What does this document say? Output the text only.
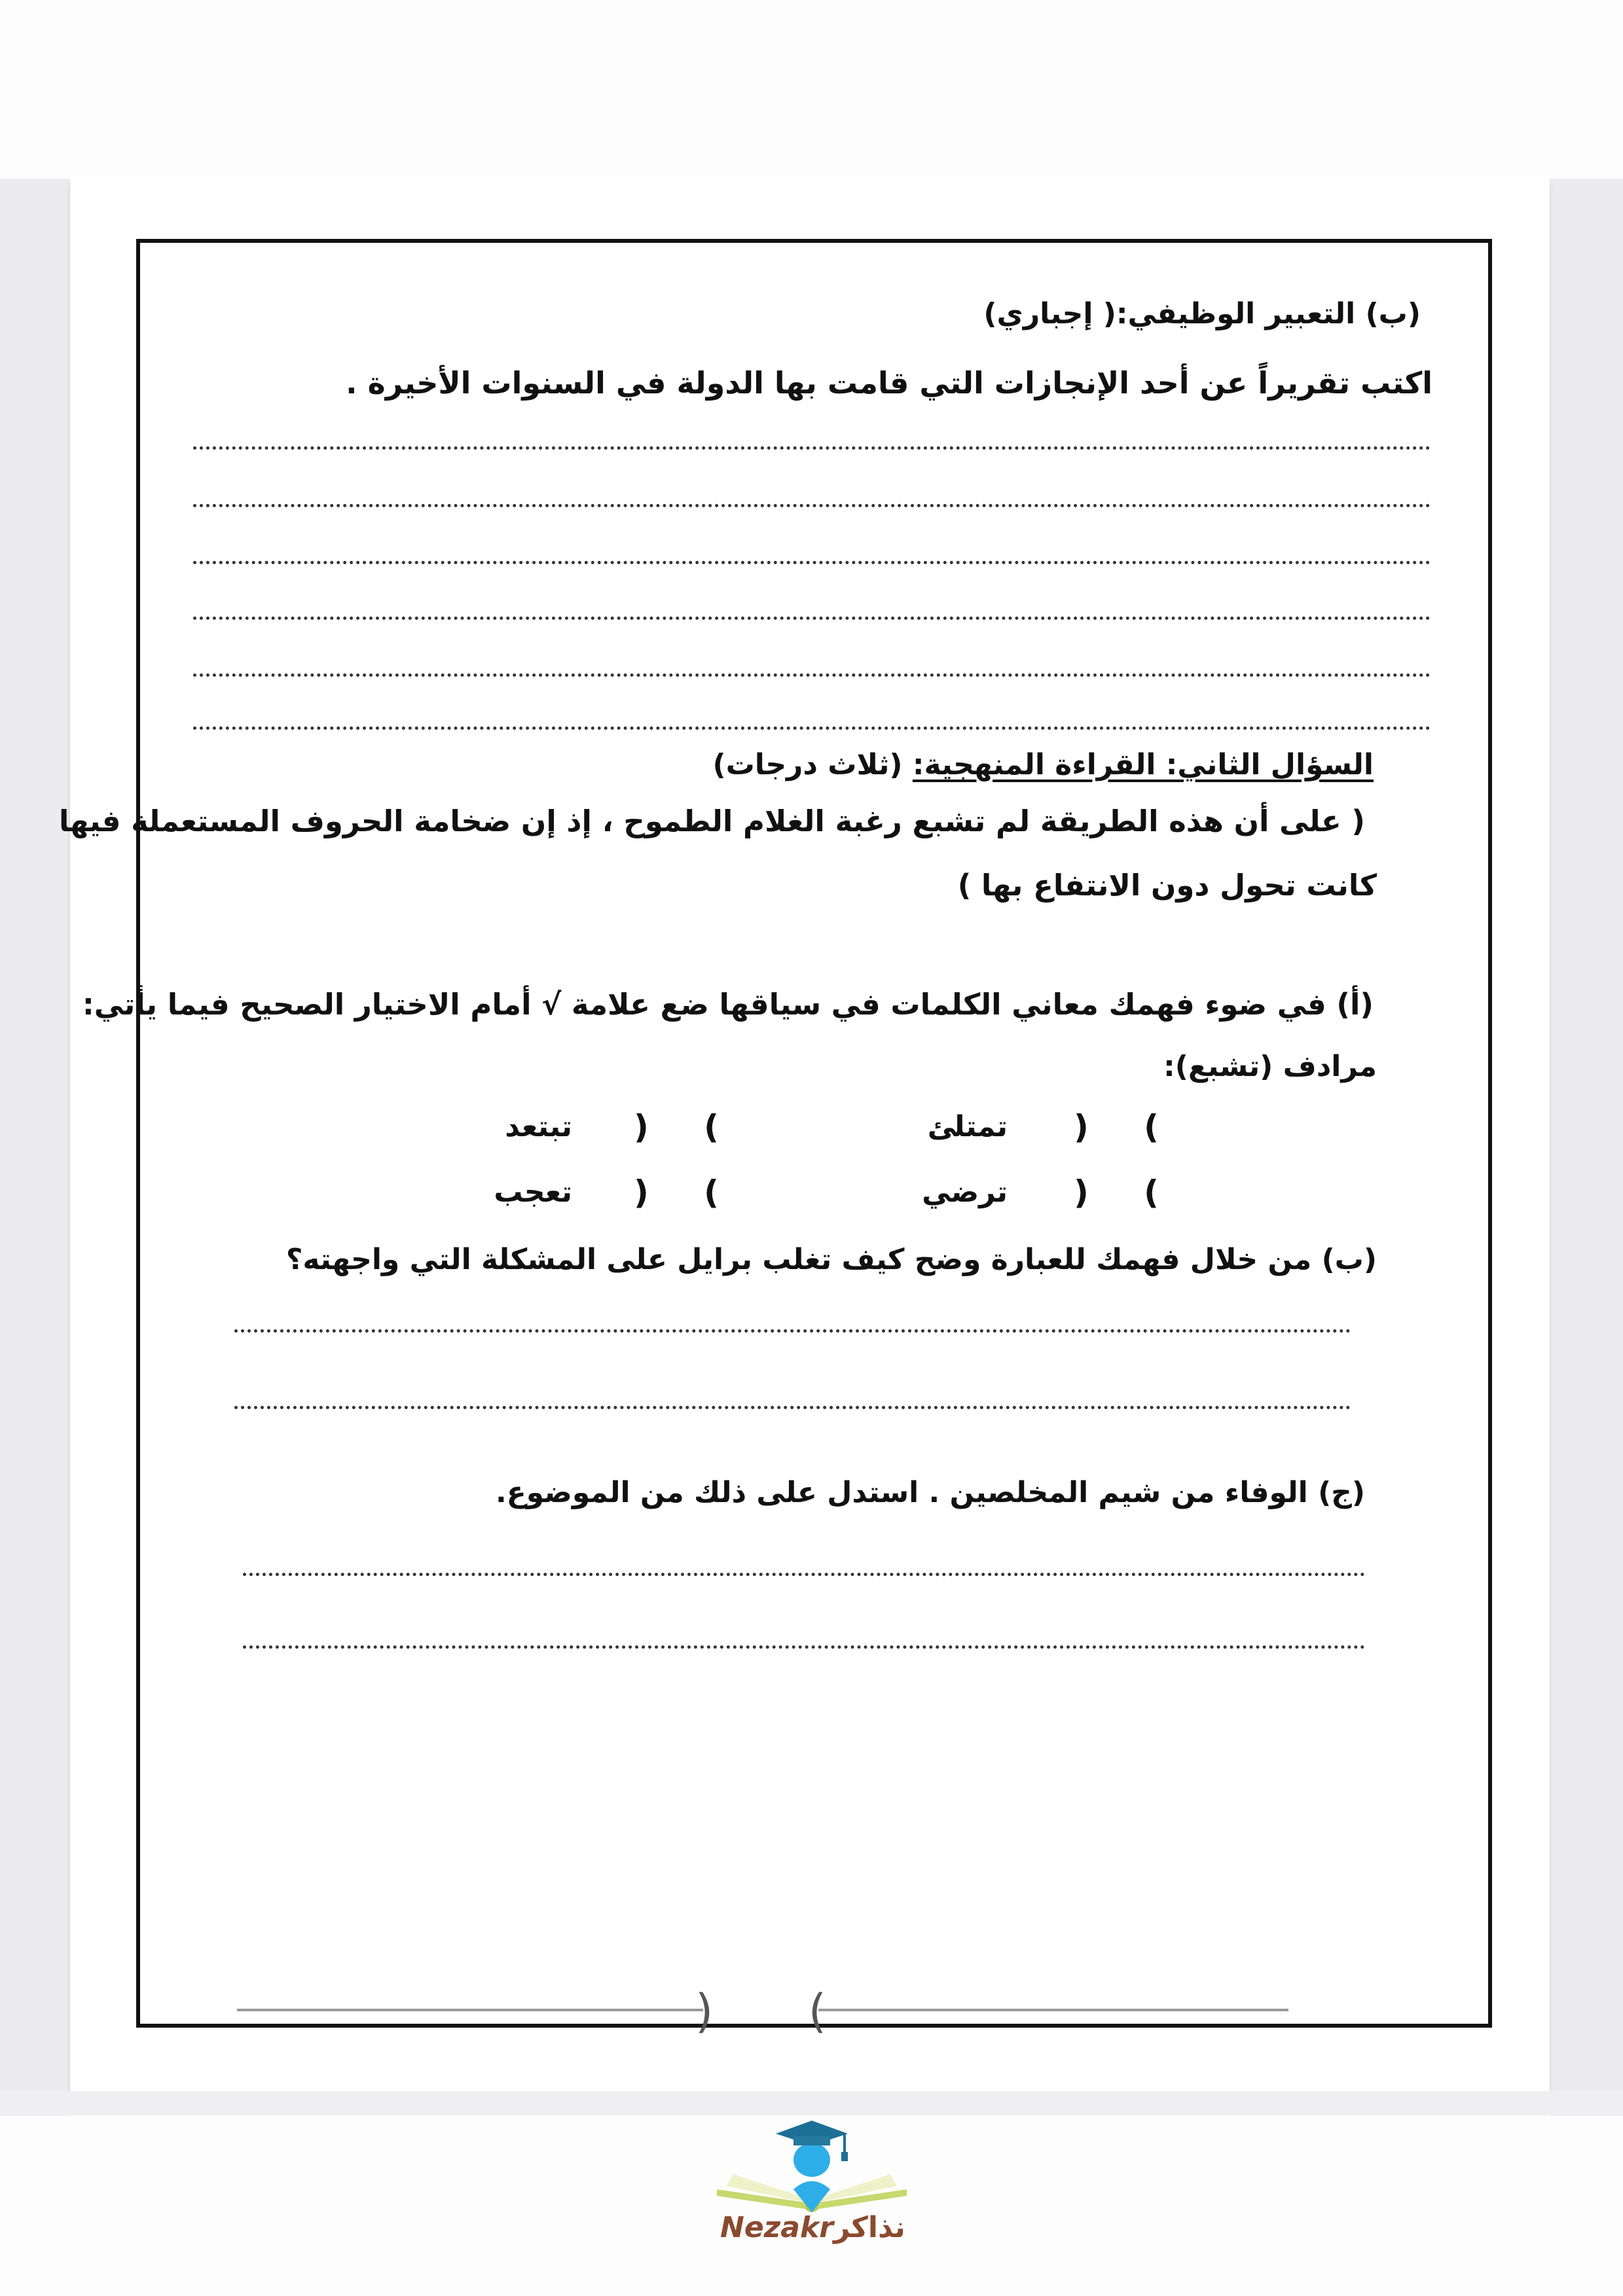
(ب) التعبير الوظيفي:( إجباري)
اكتب تقريراً عن أحد الإنجازات التي قامت بها الدولة في السنوات الأخيرة .
السؤال الثاني: القراءة المنهجية: (ثلاث درجات)
( على أن هذه الطريقة لم تشبع رغبة الغلام الطموح ، إذ إن ضخامة الحروف المستعملة فيها
كانت تحول دون الانتفاع بها )
(أ) في ضوء فهمك معاني الكلمات في سياقها ضع علامة √ أمام الاختيار الصحيح فيما يأتي:
مرادف (تشبع):
) (
تمتلئ
) (
تبتعد
) (
ترضي
) (
تعجب
(ب) من خلال فهمك للعبارة وضح كيف تغلب برايل على المشكلة التي واجهته؟
(ج) الوفاء من شيم المخلصين . استدل على ذلك من الموضوع.
) (
Nezakrنذاكر
